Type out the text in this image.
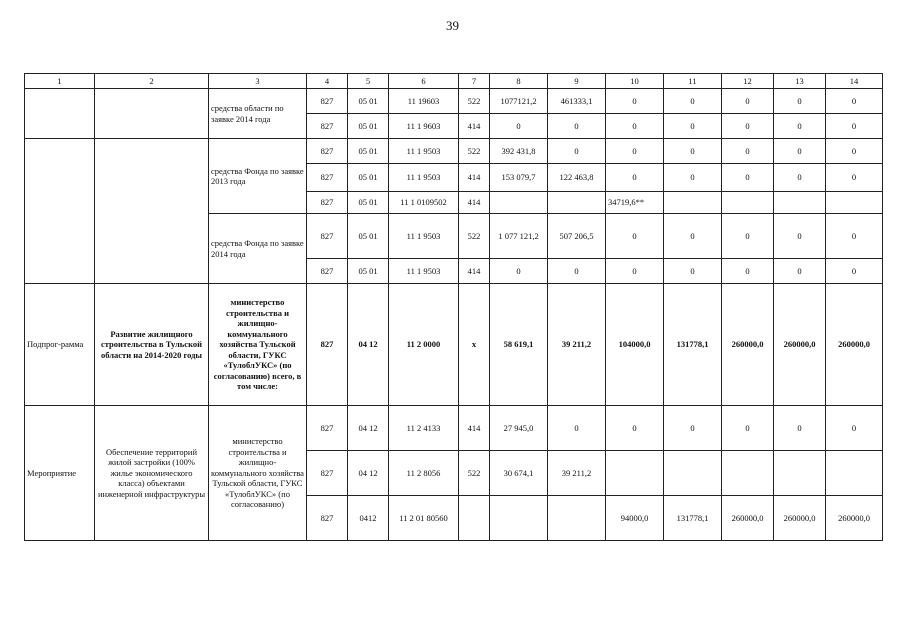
39
1	2	3	4	5	6	7	8	9	10	11	12	13	14
		средства области по заявке 2014 года	827	05 01	11 19603	522	1077121,2	461333,1	0	0	0	0	0
			827	05 01	11 1 9603	414	0	0	0	0	0	0	0
		средства Фонда по заявке 2013 года	827	05 01	11 1 9503	522	392 431,8	0	0	0	0	0	0
			827	05 01	11 1 9503	414	153 079,7	122 463,8	0	0	0	0	0
			827	05 01	11 1 0109502	414			34719,6**				
		средства Фонда по заявке 2014 года	827	05 01	11 1 9503	522	1 077 121,2	507 206,5	0	0	0	0	0
			827	05 01	11 1 9503	414	0	0	0	0	0	0	0
Подпрог-рамма	Развитие жилищного строительства в Тульской области на 2014-2020 годы	министерство строительства и жилищно-коммунального хозяйства Тульской области, ГУКС «ТулоблУКС» (по согласованию) всего, в том числе:	827	04 12	11 2 0000	x	58 619,1	39 211,2	104000,0	131778,1	260000,0	260000,0	260000,0
Мероприятие	Обеспечение территорий жилой застройки (100% жилье экономического класса) объектами инженерной инфраструктуры	министерство строительства и жилищно-коммунального хозяйства Тульской области, ГУКС «ТулоблУКС» (по согласованию)	827	04 12	11 2 4133	414	27 945,0	0	0	0	0	0	0
			827	04 12	11 2 8056	522	30 674,1	39 211,2					
			827	0412	11 2 01 80560				94000,0	131778,1	260000,0	260000,0	260000,0
